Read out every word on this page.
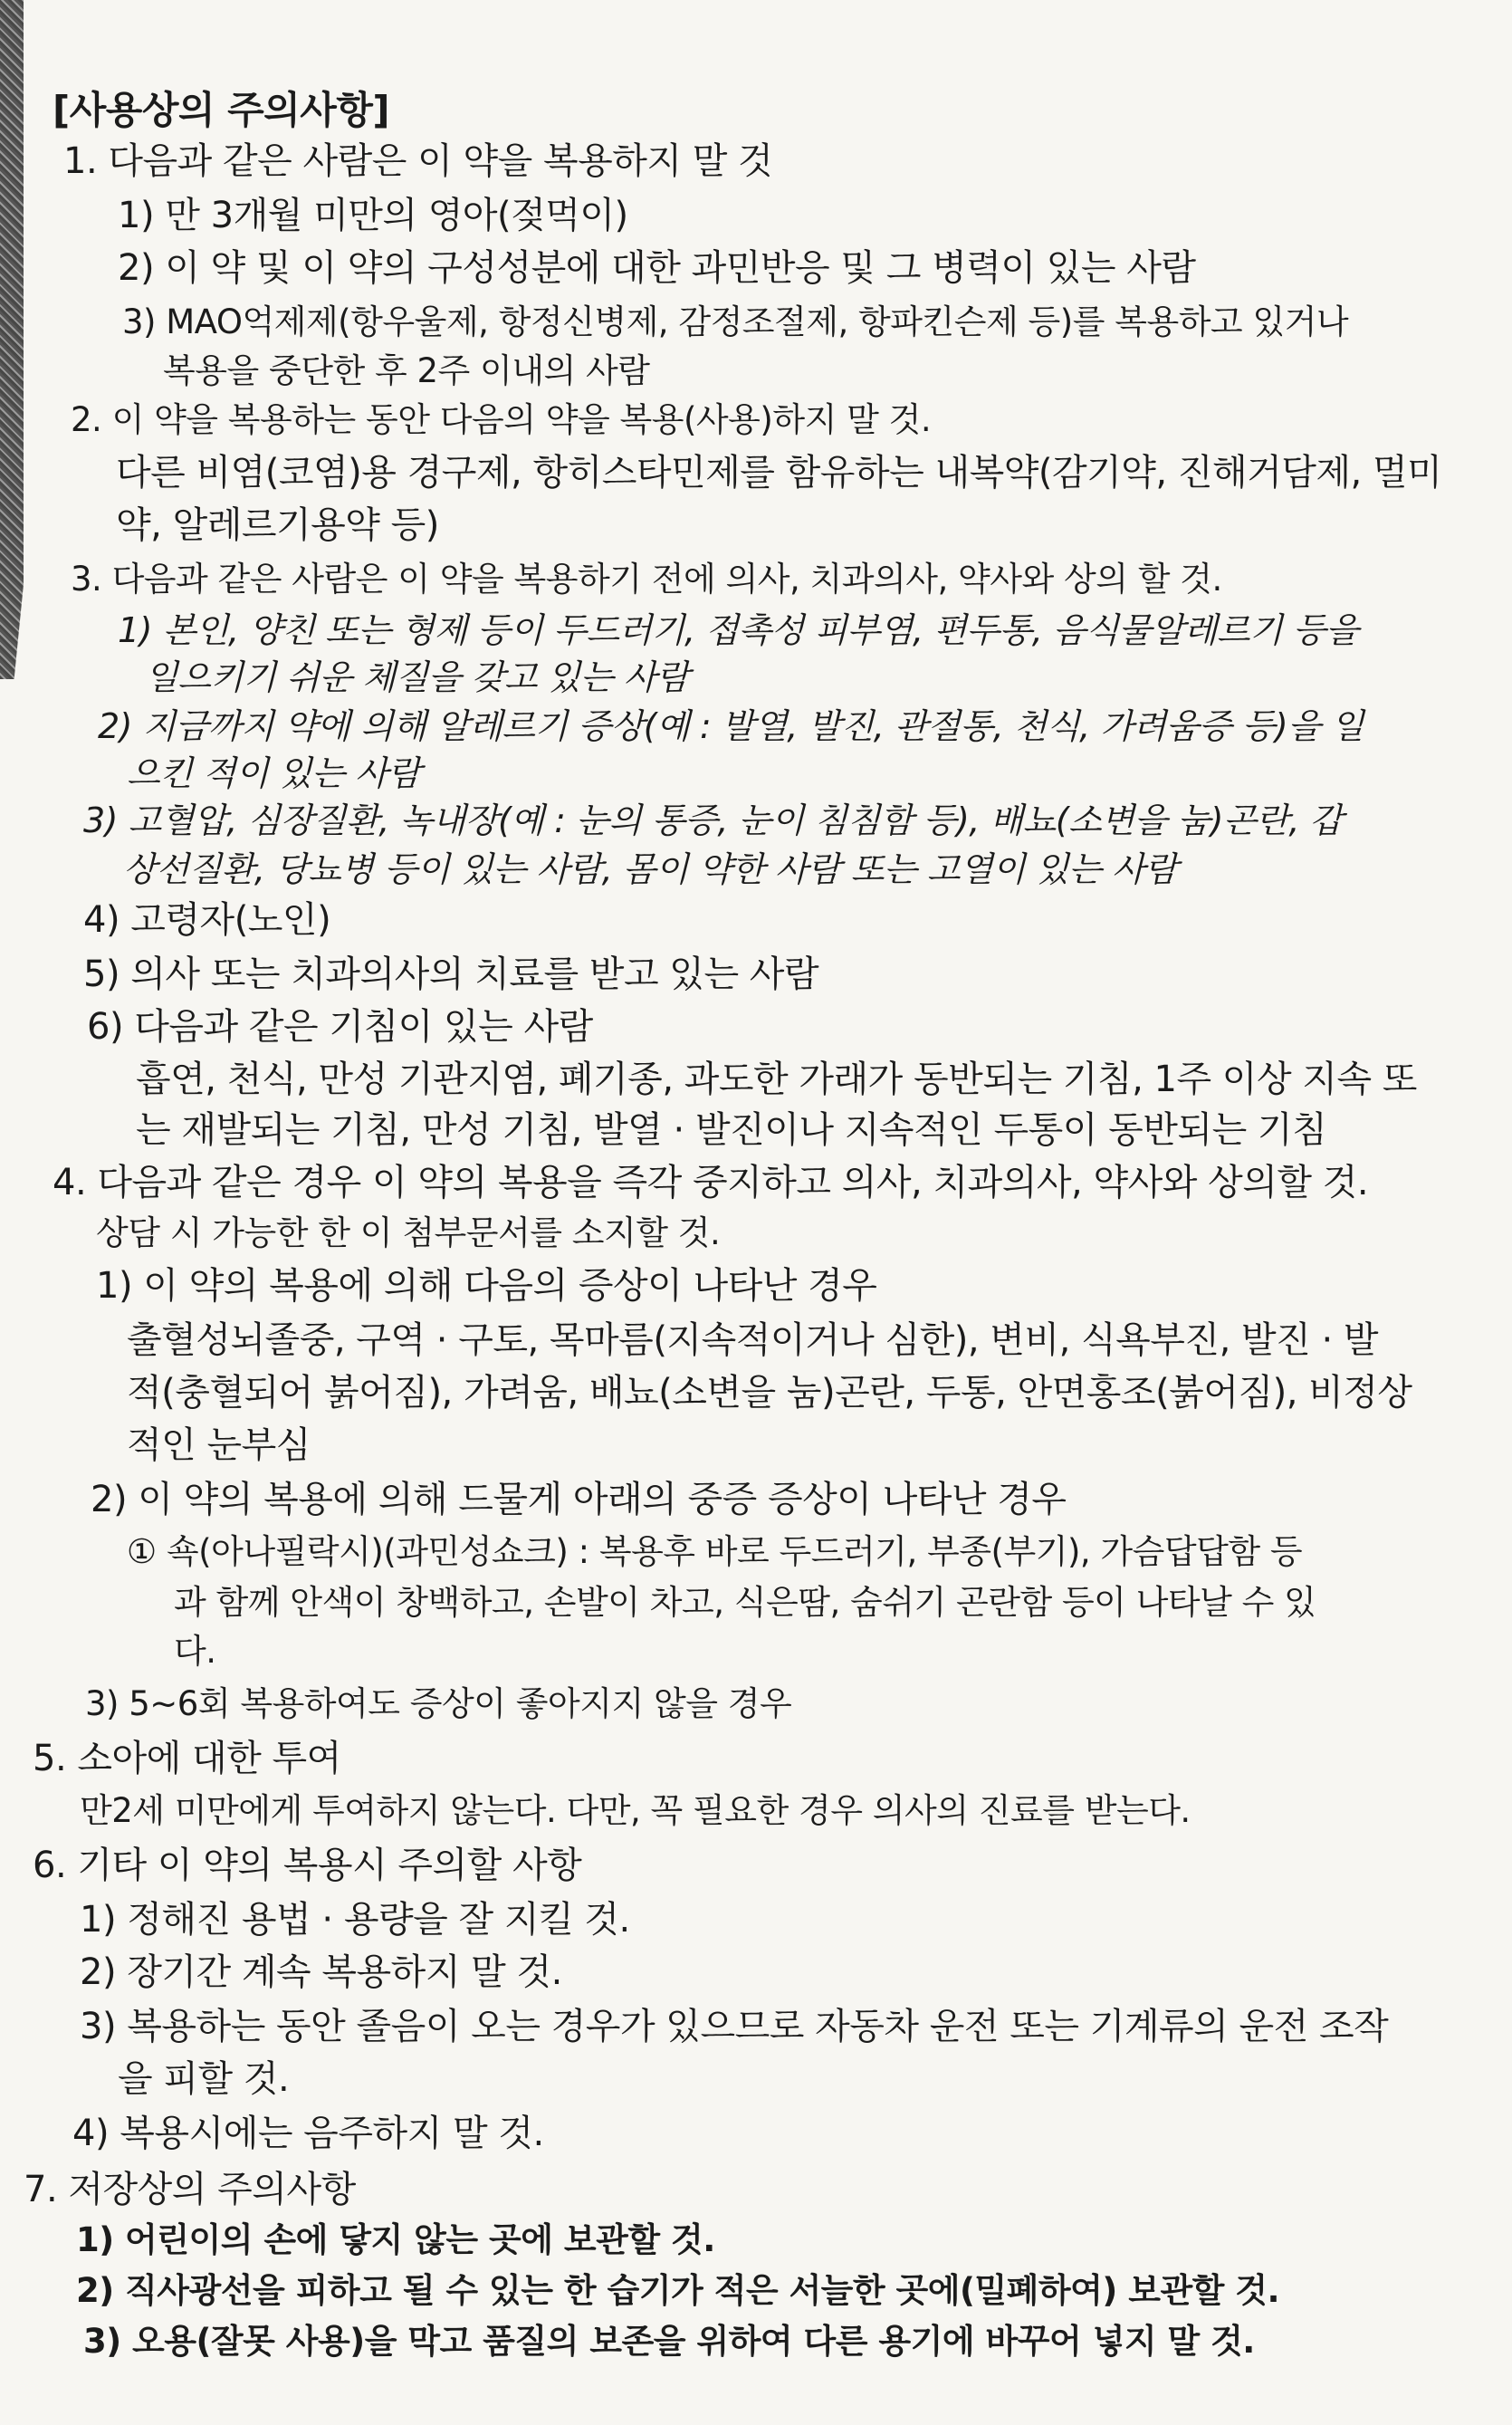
[사용상의 주의사항]
1. 다음과 같은 사람은 이 약을 복용하지 말 것
1) 만 3개월 미만의 영아(젖먹이)
2) 이 약 및 이 약의 구성성분에 대한 과민반응 및 그 병력이 있는 사람
3) MAO억제제(항우울제, 항정신병제, 감정조절제, 항파킨슨제 등)를 복용하고 있거나
복용을 중단한 후 2주 이내의 사람
2. 이 약을 복용하는 동안 다음의 약을 복용(사용)하지 말 것.
다른 비염(코염)용 경구제, 항히스타민제를 함유하는 내복약(감기약, 진해거담제, 멀미
약, 알레르기용약 등)
3. 다음과 같은 사람은 이 약을 복용하기 전에 의사, 치과의사, 약사와 상의 할 것.
1) 본인, 양친 또는 형제 등이 두드러기, 접촉성 피부염, 편두통, 음식물알레르기 등을
일으키기 쉬운 체질을 갖고 있는 사람
2) 지금까지 약에 의해 알레르기 증상(예 : 발열, 발진, 관절통, 천식, 가려움증 등)을 일
으킨 적이 있는 사람
3) 고혈압, 심장질환, 녹내장(예 : 눈의 통증, 눈이 침침함 등), 배뇨(소변을 눔)곤란, 갑
상선질환, 당뇨병 등이 있는 사람, 몸이 약한 사람 또는 고열이 있는 사람
4) 고령자(노인)
5) 의사 또는 치과의사의 치료를 받고 있는 사람
6) 다음과 같은 기침이 있는 사람
흡연, 천식, 만성 기관지염, 폐기종, 과도한 가래가 동반되는 기침, 1주 이상 지속 또
는 재발되는 기침, 만성 기침, 발열 · 발진이나 지속적인 두통이 동반되는 기침
4. 다음과 같은 경우 이 약의 복용을 즉각 중지하고 의사, 치과의사, 약사와 상의할 것.
상담 시 가능한 한 이 첨부문서를 소지할 것.
1) 이 약의 복용에 의해 다음의 증상이 나타난 경우
출혈성뇌졸중, 구역 · 구토, 목마름(지속적이거나 심한), 변비, 식욕부진, 발진 · 발
적(충혈되어 붉어짐), 가려움, 배뇨(소변을 눔)곤란, 두통, 안면홍조(붉어짐), 비정상
적인 눈부심
2) 이 약의 복용에 의해 드물게 아래의 중증 증상이 나타난 경우
① 쇽(아나필락시)(과민성쇼크) : 복용후 바로 두드러기, 부종(부기), 가슴답답함 등
과 함께 안색이 창백하고, 손발이 차고, 식은땀, 숨쉬기 곤란함 등이 나타날 수 있
다.
3) 5~6회 복용하여도 증상이 좋아지지 않을 경우
5. 소아에 대한 투여
만2세 미만에게 투여하지 않는다. 다만, 꼭 필요한 경우 의사의 진료를 받는다.
6. 기타 이 약의 복용시 주의할 사항
1) 정해진 용법 · 용량을 잘 지킬 것.
2) 장기간 계속 복용하지 말 것.
3) 복용하는 동안 졸음이 오는 경우가 있으므로 자동차 운전 또는 기계류의 운전 조작
을 피할 것.
4) 복용시에는 음주하지 말 것.
7. 저장상의 주의사항
1) 어린이의 손에 닿지 않는 곳에 보관할 것.
2) 직사광선을 피하고 될 수 있는 한 습기가 적은 서늘한 곳에(밀폐하여) 보관할 것.
3) 오용(잘못 사용)을 막고 품질의 보존을 위하여 다른 용기에 바꾸어 넣지 말 것.
